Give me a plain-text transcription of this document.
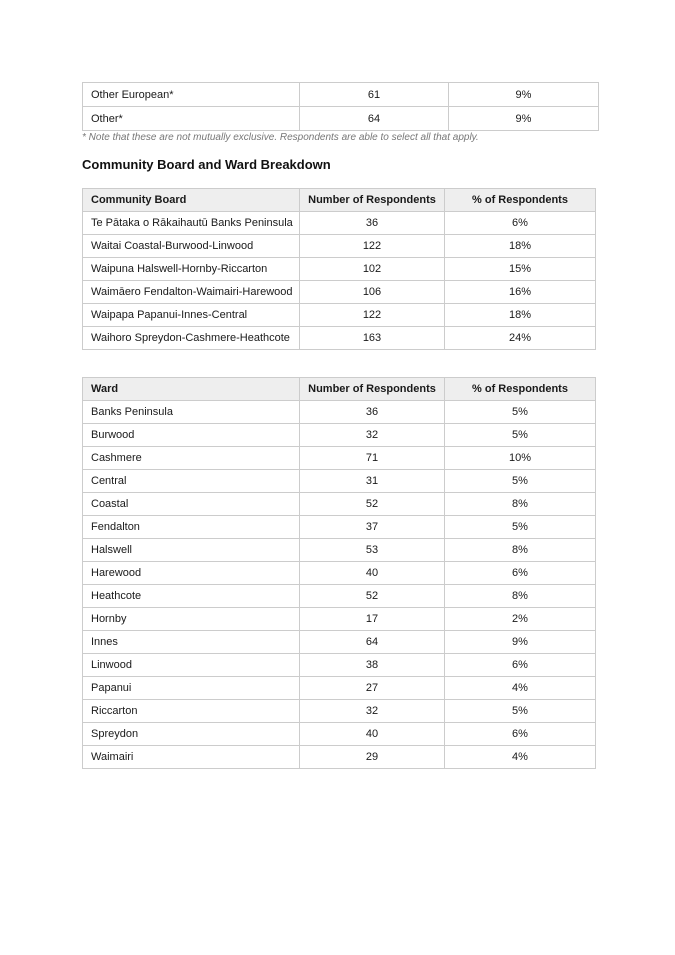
Other European*	61	9%
Other*	64	9%

* Note that these are not mutually exclusive. Respondents are able to select all that apply.

Community Board and Ward Breakdown
Community Board	Number of Respondents	% of Respondents
Te Pātaka o Rākaihautū Banks Peninsula	36	6%
Waitai Coastal-Burwood-Linwood	122	18%
Waipuna Halswell-Hornby-Riccarton	102	15%
Waimāero Fendalton-Waimairi-Harewood	106	16%
Waipapa Papanui-Innes-Central	122	18%
Waihoro Spreydon-Cashmere-Heathcote	163	24%
Ward	Number of Respondents	% of Respondents
Banks Peninsula	36	5%
Burwood	32	5%
Cashmere	71	10%
Central	31	5%
Coastal	52	8%
Fendalton	37	5%
Halswell	53	8%
Harewood	40	6%
Heathcote	52	8%
Hornby	17	2%
Innes	64	9%
Linwood	38	6%
Papanui	27	4%
Riccarton	32	5%
Spreydon	40	6%
Waimairi	29	4%
